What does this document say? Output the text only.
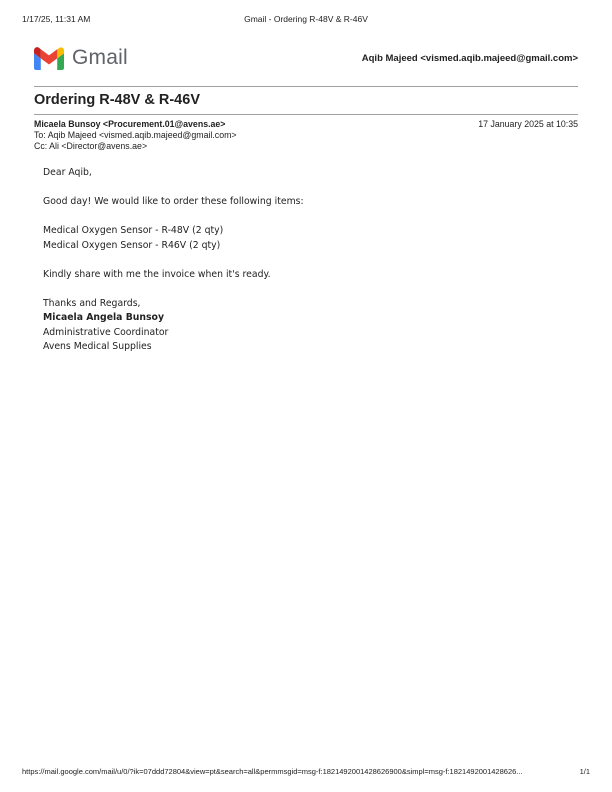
1/17/25, 11:31 AM	Gmail - Ordering R-48V & R-46V
Gmail	Aqib Majeed <vismed.aqib.majeed@gmail.com>
Ordering R-48V & R-46V
Micaela Bunsoy <Procurement.01@avens.ae>	17 January 2025 at 10:35
To: Aqib Majeed <vismed.aqib.majeed@gmail.com>
Cc: Ali <Director@avens.ae>
Dear Aqib,
Good day! We would like to order these following items:
Medical Oxygen Sensor - R-48V (2 qty)
Medical Oxygen Sensor - R46V (2 qty)
Kindly share with me the invoice when it's ready.
Thanks and Regards,
Micaela Angela Bunsoy
Administrative Coordinator
Avens Medical Supplies
https://mail.google.com/mail/u/0/?ik=07ddd72804&view=pt&search=all&permmsgid=msg-f:1821492001428626900&simpl=msg-f:1821492001428626...	1/1
